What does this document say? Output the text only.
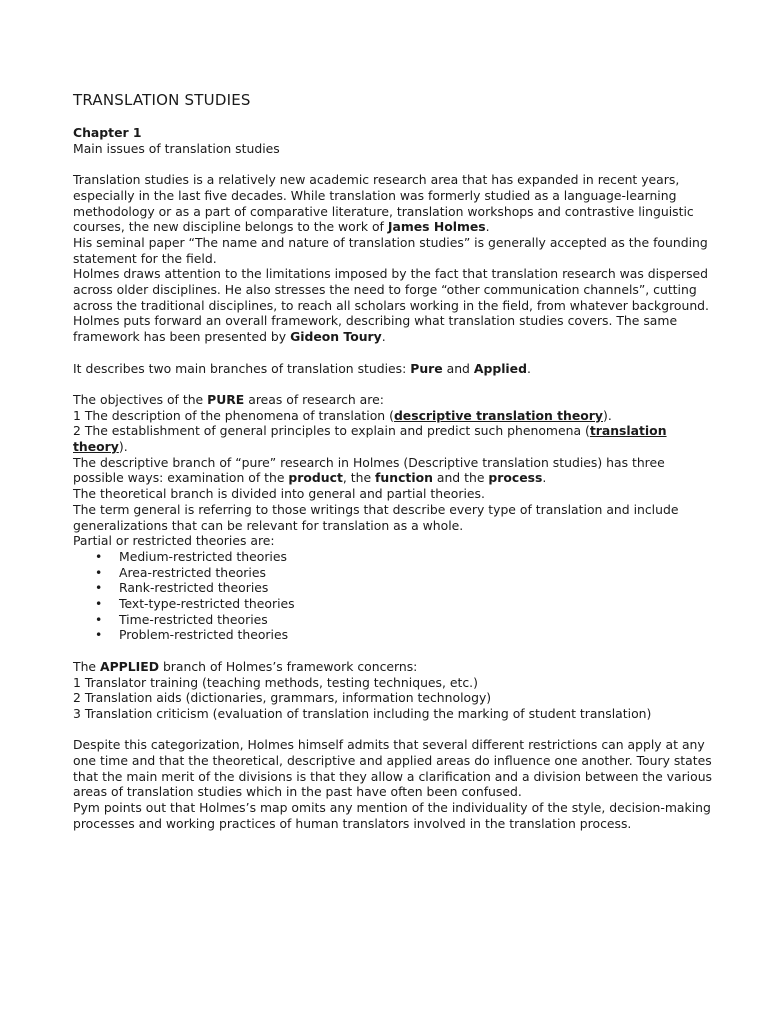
TRANSLATION STUDIES

Chapter 1

Main issues of translation studies

Translation studies is a relatively new academic research area that has expanded in recent years, especially in the last five decades. While translation was formerly studied as a language-learning methodology or as a part of comparative literature, translation workshops and contrastive linguistic courses, the new discipline belongs to the work of James Holmes.

His seminal paper “The name and nature of translation studies” is generally accepted as the founding statement for the field.

Holmes draws attention to the limitations imposed by the fact that translation research was dispersed across older disciplines. He also stresses the need to forge “other communication channels”, cutting across the traditional disciplines, to reach all scholars working in the field, from whatever background.

Holmes puts forward an overall framework, describing what translation studies covers. The same framework has been presented by Gideon Toury.

It describes two main branches of translation studies: Pure and Applied.

The objectives of the PURE areas of research are:

1 The description of the phenomena of translation (descriptive translation theory).

2 The establishment of general principles to explain and predict such phenomena (translation theory).

The descriptive branch of “pure” research in Holmes (Descriptive translation studies) has three possible ways: examination of the product, the function and the process.

The theoretical branch is divided into general and partial theories.

The term general is referring to those writings that describe every type of translation and include generalizations that can be relevant for translation as a whole.

Partial or restricted theories are:

• Medium-restricted theories
• Area-restricted theories
• Rank-restricted theories
• Text-type-restricted theories
• Time-restricted theories
• Problem-restricted theories

The APPLIED branch of Holmes’s framework concerns:

1 Translator training (teaching methods, testing techniques, etc.)

2 Translation aids (dictionaries, grammars, information technology)

3 Translation criticism (evaluation of translation including the marking of student translation)

Despite this categorization, Holmes himself admits that several different restrictions can apply at any one time and that the theoretical, descriptive and applied areas do influence one another. Toury states that the main merit of the divisions is that they allow a clarification and a division between the various areas of translation studies which in the past have often been confused.

Pym points out that Holmes’s map omits any mention of the individuality of the style, decision-making processes and working practices of human translators involved in the translation process.
